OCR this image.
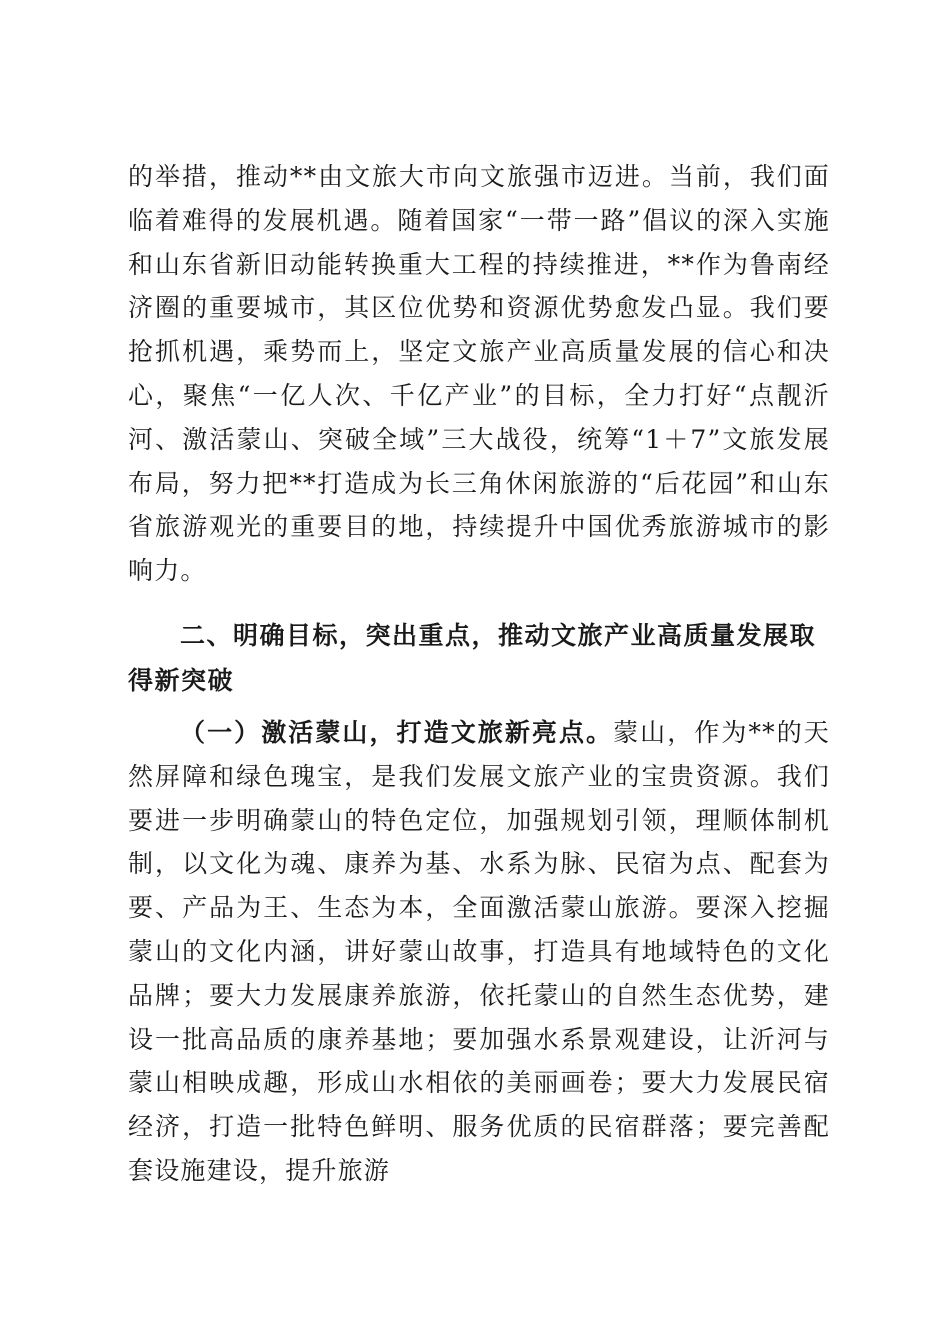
的举措，推动**由文旅大市向文旅强市迈进。当前，我们面临着难得的发展机遇。随着国家“一带一路”倡议的深入实施和山东省新旧动能转换重大工程的持续推进，**作为鲁南经济圈的重要城市，其区位优势和资源优势愈发凸显。我们要抢抓机遇，乘势而上，坚定文旅产业高质量发展的信心和决心，聚焦“一亿人次、千亿产业”的目标，全力打好“点靓沂河、激活蒙山、突破全域”三大战役，统筹“1＋7”文旅发展布局，努力把**打造成为长三角休闲旅游的“后花园”和山东省旅游观光的重要目的地，持续提升中国优秀旅游城市的影响力。

二、明确目标，突出重点，推动文旅产业高质量发展取得新突破

（一）激活蒙山，打造文旅新亮点。蒙山，作为**的天然屏障和绿色瑰宝，是我们发展文旅产业的宝贵资源。我们要进一步明确蒙山的特色定位，加强规划引领，理顺体制机制，以文化为魂、康养为基、水系为脉、民宿为点、配套为要、产品为王、生态为本，全面激活蒙山旅游。要深入挖掘蒙山的文化内涵，讲好蒙山故事，打造具有地域特色的文化品牌；要大力发展康养旅游，依托蒙山的自然生态优势，建设一批高品质的康养基地；要加强水系景观建设，让沂河与蒙山相映成趣，形成山水相依的美丽画卷；要大力发展民宿经济，打造一批特色鲜明、服务优质的民宿群落；要完善配套设施建设，提升旅游
